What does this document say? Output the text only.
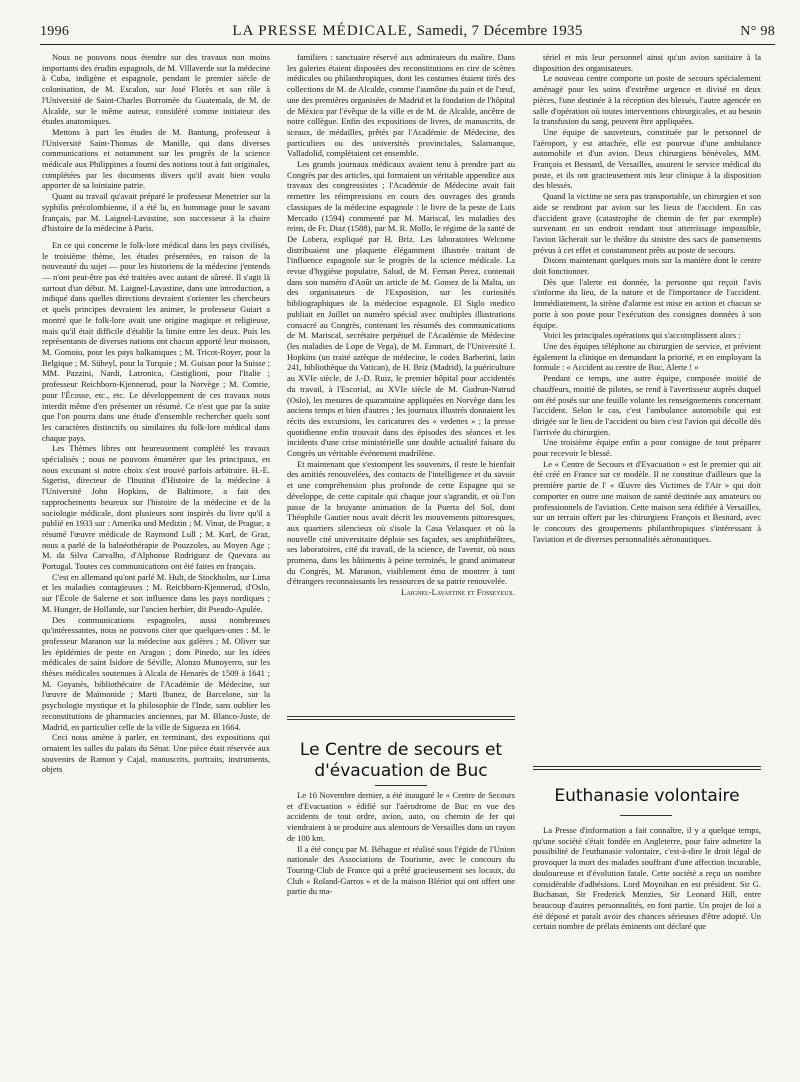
1996	LA PRESSE MÉDICALE, Samedi, 7 Décembre 1935	N° 98

Nous ne pouvons nous étendre sur des travaux non moins importants des érudits espagnols, de M. Villaverde sur la médecine à Cuba, indigène et espagnole, pendant le premier siècle de colonisation, de M. Escalon, sur José Florès et son rôle à l'Université de Saint-Charles Borromée du Guatemala, de M. de Alcalde, sur le même auteur, considéré comme initiateur des études anatomiques.

Mettons à part les études de M. Bantung, professeur à l'Université Saint-Thomas de Manille, qui dans diverses communications et notamment sur les progrès de la science médicale aux Philippines a fourni des notions tout à fait originales, complétées par les documents divers qu'il avait bien voulu apporter de sa lointaine patrie.

Quant au travail qu'avait préparé le professeur Menetrier sur la syphilis précolombienne, il a été lu, en hommage pour le savant français, par M. Laignel-Lavastine, son successeur à la chaire d'histoire de la médecine à Paris.

En ce qui concerne le folk-lore médical dans les pays civilisés, le troisième thème, les études présentées, en raison de la nouveauté du sujet — pour les historiens de la médecine j'entends — n'ont peut-être pas été traitées avec autant de sûreté. Il s'agit là surtout d'un début. M. Laignel-Lavastine, dans une introduction, a indiqué dans quelles directions devraient s'orienter les chercheurs et quels principes devraient les animer, le professeur Guiart a montré que le folk-lore avait une origine magique et religieuse, mais qu'il était difficile d'établir la limite entre les deux. Puis les représentants de diverses nations ont chacun apporté leur moisson, M. Gomoiu, pour les pays balkaniques ; M. Tricot-Royer, pour la Belgique ; M. Süheyl, pour la Turquie ; M. Guisan pour la Suisse ; MM. Pazzini, Nardi, Latronica, Castiglioni, pour l'Italie ; professeur Reichborn-Kjennerud, pour la Norvège ; M. Comrie, pour l'Écosse, etc., etc. Le développement de ces travaux nous interdit même d'en présenter un résumé. Ce n'est que par la suite que l'on pourra dans une étude d'ensemble rechercher quels sont les caractères distinctifs ou similaires du folk-lore médical dans chaque pays.

Les Thèmes libres ont heureusement complété les travaux spécialisés ; nous ne pouvons énumérer que les principaux, en nous excusant si notre choix s'est trouvé parfois arbitraire. H.-E. Sigerist, directeur de l'Institut d'Histoire de la médecine à l'Université John Hopkins, de Baltimore, a fait des rapprochements heureux sur l'histoire de la médecine et de la sociologie médicale, dont plusieurs sont inspirés du livre qu'il a publié en 1933 sur : Amerika und Medizin ; M. Vinar, de Prague, a résumé l'œuvre médicale de Raymond Lull ; M. Karl, de Graz, nous a parlé de la balnéothérapie de Pouzzoles, au Moyen Age ; M. da Silva Carvalho, d'Alphonse Rodriguez de Quevara au Portugal. Toutes ces communications ont été faites en français.

C'est en allemand qu'ont parlé M. Hult, de Stockholm, sur Lima et les maladies contagieuses ; M. Reichborn-Kjennerud, d'Oslo, sur l'École de Salerne et son influence dans les pays nordiques ; M. Hunger, de Hollande, sur l'ancien herbier, dit Pseudo-Apulée.

Des communications espagnoles, aussi nombreuses qu'intéressantes, nous ne pouvons citer que quelques-unes : M. le professeur Maranon sur la médecine aux galères ; M. Oliver sur les épidémies de peste en Aragon ; dom Pinedo, sur les idées médicales de saint Isidore de Séville, Alonzo Munoyerro, sur les thèses médicales soutenues à Alcala de Henarès de 1509 à 1641 ; M. Goyanès, bibliothécaire de l'Académie de Médecine, sur l'œuvre de Maïmonide ; Marti Ibanez, de Barcelone, sur la psychologie mystique et la philosophie de l'Inde, sans oublier les reconstitutions de pharmacies anciennes, par M. Blanco-Juste, de Madrid, en particulier celle de la ville de Sigueza en 1664.

Ceci nous amène à parler, en terminant, des expositions qui ornaient les salles du palais du Sénat. Une pièce était réservée aux souvenirs de Ramon y Cajal, manuscrits, portraits, instruments, objets

familiers : sanctuaire réservé aux admirateurs du maître. Dans les galeries étaient disposées des reconstitutions en cire de scènes médicales ou philanthropiques, dont les costumes étaient tirés des collections de M. de Alcalde, comme l'aumône du pain et de l'œuf, une des premières organisées de Madrid et la fondation de l'hôpital de México par l'évêque de la ville et de M. de Alcalde, ancêtre de notre collègue. Enfin des expositions de livres, de manuscrits, de sceaux, de médailles, prêtés par l'Académie de Médecine, des particuliers ou des universités provinciales, Salamanque, Valladolid, complétaient cet ensemble.

Les grands journaux médicaux avaient tenu à prendre part au Congrès par des articles, qui formaient un véritable appendice aux travaux des congressistes ; l'Académie de Médecine avait fait remettre les réimpressions en cours des ouvrages des grands classiques de la médecine espagnole : le livre de la peste de Luis Mercado (1594) commenté par M. Mariscal, les maladies des reins, de Fr. Diaz (1588), par M. R. Mollo, le régime de la santé de De Lobera, expliqué par H. Briz. Les laboratoires Welcome distribuaient une plaquette élégamment illustrée traitant de l'influence espagnole sur le progrès de la science médicale. La revue d'hygiène populaire, Salud, de M. Fernan Perez, contenait dans son numéro d'Août un article de M. Gomez de la Malta, un des organisateurs de l'Exposition, sur les curiosités bibliographiques de la médecine espagnole. El Siglo medico publiait en Juillet un numéro spécial avec multiples illustrations consacré au Congrès, contenant les résumés des communications de M. Mariscal, secrétaire perpétuel de l'Académie de Médecine (les maladies de Lope de Vega), de M. Emmart, de l'Université J. Hopkins (un traité aztèque de médecine, le codex Barberini, latin 241, bibliothèque du Vatican), de H. Briz (Madrid), la puériculture au XVIe siècle, de J.-D. Ruiz, le premier hôpital pour accidentés du travail, à l'Escorial, au XVIe siècle de M. Gudrun-Natrud (Oslo), les mesures de quarantaine appliquées en Norvège dans les anciens temps et bien d'autres ; les journaux illustrés donnaient les récits des excursions, les caricatures des « vedettes » ; la presse quotidienne enfin trouvait dans des épisodes des séances et les incidents d'une crise ministérielle une double actualité faisant du Congrès un véritable événement madrilène.

Et maintenant que s'estompent les souvenirs, il reste le bienfait des amitiés renouvelées, des contacts de l'intelligence et du savoir et une compréhension plus profonde de cette Espagne qui se développe, de cette capitale qui chaque jour s'agrandit, et où l'on passe de la bruyante animation de la Puerta del Sol, dont Théophile Gautier nous avait décrit les mouvements pittoresques, aux quartiers silencieux où s'isole la Casa Velasquez et où la nouvelle cité universitaire déploie ses façades, ses amphithéâtres, ses laboratoires, cité du travail, de la science, de l'avenir, où nous promena, dans les bâtiments à peine terminés, le grand animateur du Congrès, M. Maranon, visiblement ému de montrer à tant d'étrangers reconnaissants les ressources de sa patrie renouvelée.

Laignel-Lavastine et Fosseyeux.

Le Centre de secours et d'évacuation de Buc

Le 16 Novembre dernier, a été inauguré le « Centre de Secours et d'Evacuation » édifié sur l'aérodrome de Buc en vue des accidents de tout ordre, avion, auto, ou chemin de fer qui viendraient à se produire aux alentours de Versailles dans un rayon de 100 km.

Il a été conçu par M. Béhague et réalisé sous l'égide de l'Union nationale des Associations de Tourisme, avec le concours du Touring-Club de France qui a prêté gracieusement ses locaux, du Club « Roland-Garros » et de la maison Blériot qui ont offert une partie du ma-

tériel et mis leur personnel ainsi qu'un avion sanitaire à la disposition des organisateurs.

Le nouveau centre comporte un poste de secours spécialement aménagé pour les soins d'extrême urgence et divisé en deux pièces, l'une destinée à la réception des blessés, l'autre agencée en salle d'opération où toutes interventions chirurgicales, et au besoin la transfusion du sang, peuvent être appliquées.

Une équipe de sauveteurs, constituée par le personnel de l'aéroport, y est attachée, elle est pourvue d'une ambulance automobile et d'un avion. Deux chirurgiens bénévoles, MM. François et Besnard, de Versailles, assurent le service médical du poste, et ils ont gracieusement mis leur clinique à la disposition des blessés.

Quand la victime ne sera pas transportable, un chirurgien et son aide se rendront par avion sur les lieux de l'accident. En cas d'accident grave (catastrophe de chemin de fer par exemple) survenant en un endroit rendant tout atterrissage impossible, l'avion lâcherait sur le théâtre du sinistre des sacs de pansements prévus à cet effet et constamment prêts au poste de secours.

Disons maintenant quelques mots sur la manière dont le centre doit fonctionner.

Dès que l'alerte est donnée, la personne qui reçoit l'avis s'informe du lieu, de la nature et de l'importance de l'accident. Immédiatement, la sirène d'alarme est mise en action et chacun se porte à son poste pour l'exécution des consignes données à son équipe.

Voici les principales opérations qui s'accomplissent alors :

Une des équipes téléphone au chirurgien de service, et prévient également la clinique en demandant la priorité, et en employant la formule : « Accident au centre de Buc, Alerte ! »

Pendant ce temps, une autre équipe, composée moitié de chauffeurs, moitié de pilotes, se rend à l'avertisseur auprès duquel ont été posés sur une feuille volante les renseignements concernant l'accident. Selon le cas, c'est l'ambulance automobile qui est dirigée sur le lieu de l'accident ou bien c'est l'avion qui décolle dès l'arrivée du chirurgien.

Une troisième équipe enfin a pour consigne de tout préparer pour recevoir le blessé.

Le « Centre de Secours et d'Evacuation » est le premier qui ait été créé en France sur ce modèle. Il ne constitue d'ailleurs que la première partie de l' « Œuvre des Victimes de l'Air » qui doit comporter en outre une maison de santé destinée aux amateurs ou professionnels de l'aviation. Cette maison sera édifiée à Versailles, sur un terrain offert par les chirurgiens François et Besnard, avec le concours des groupements philanthropiques s'intéressant à l'aviation et de diverses personnalités aéronautiques.

Euthanasie volontaire

La Presse d'information a fait connaître, il y a quelque temps, qu'une société s'était fondée en Angleterre, pour faire admettre la possibilité de l'euthanasie volontaire, c'est-à-dire le droit légal de provoquer la mort des malades souffrant d'une affection incurable, douloureuse et d'évolution fatale. Cette société a reçu un nombre considérable d'adhésions. Lord Moynihan en est président. Sir G. Buchanan, Sir Frederick Menzies, Sir Leonard Hill, entre beaucoup d'autres personnalités, en font partie. Un projet de loi a été déposé et paraît avoir des chances sérieuses d'être adopté. Un certain nombre de prélats éminents ont déclaré que
